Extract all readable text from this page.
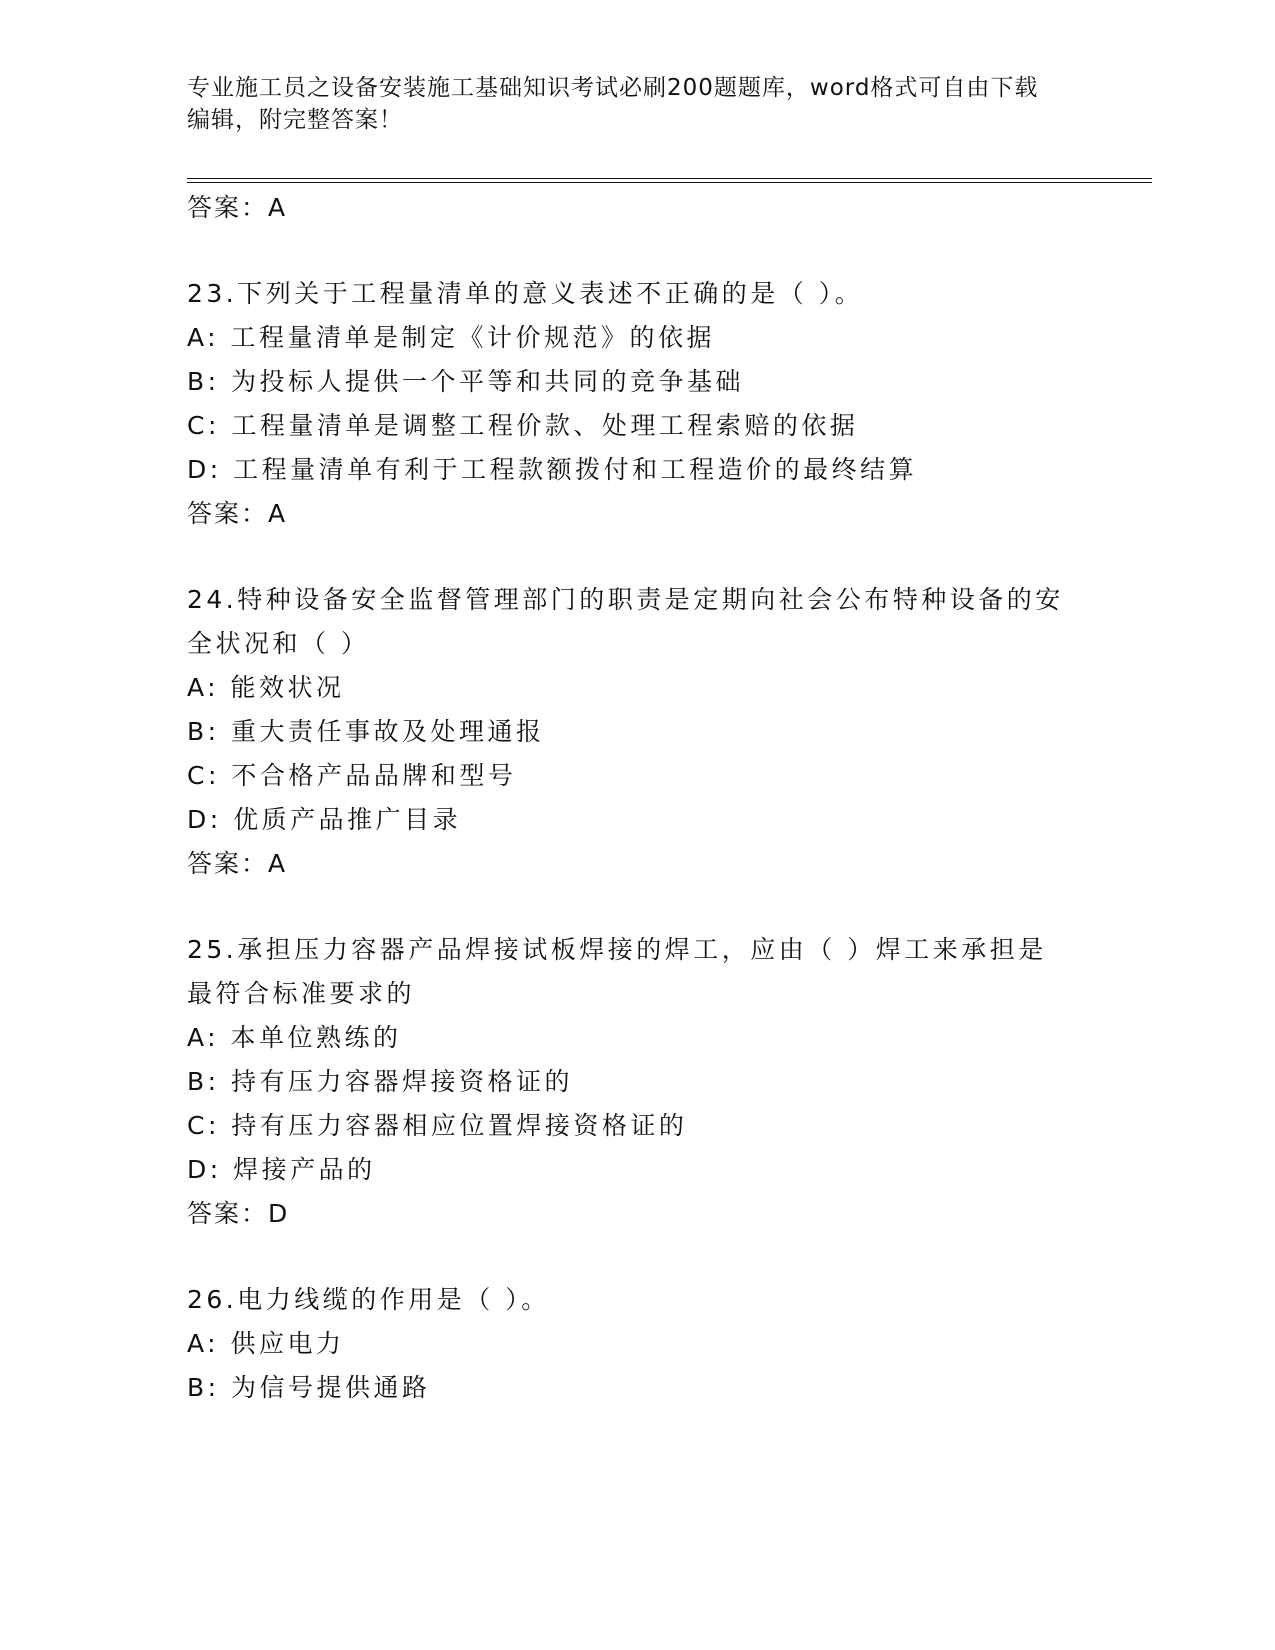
专业施工员之设备安装施工基础知识考试必刷200题题库，word格式可自由下载
编辑，附完整答案！
答案：A
23.下列关于工程量清单的意义表述不正确的是（ ）。
A: 工程量清单是制定《计价规范》的依据
B: 为投标人提供一个平等和共同的竞争基础
C: 工程量清单是调整工程价款、处理工程索赔的依据
D: 工程量清单有利于工程款额拨付和工程造价的最终结算
答案：A
24.特种设备安全监督管理部门的职责是定期向社会公布特种设备的安
全状况和（ ）
A: 能效状况
B: 重大责任事故及处理通报
C: 不合格产品品牌和型号
D: 优质产品推广目录
答案：A
25.承担压力容器产品焊接试板焊接的焊工，应由（ ）焊工来承担是
最符合标准要求的
A: 本单位熟练的
B: 持有压力容器焊接资格证的
C: 持有压力容器相应位置焊接资格证的
D: 焊接产品的
答案：D
26.电力线缆的作用是（ ）。
A: 供应电力
B: 为信号提供通路
